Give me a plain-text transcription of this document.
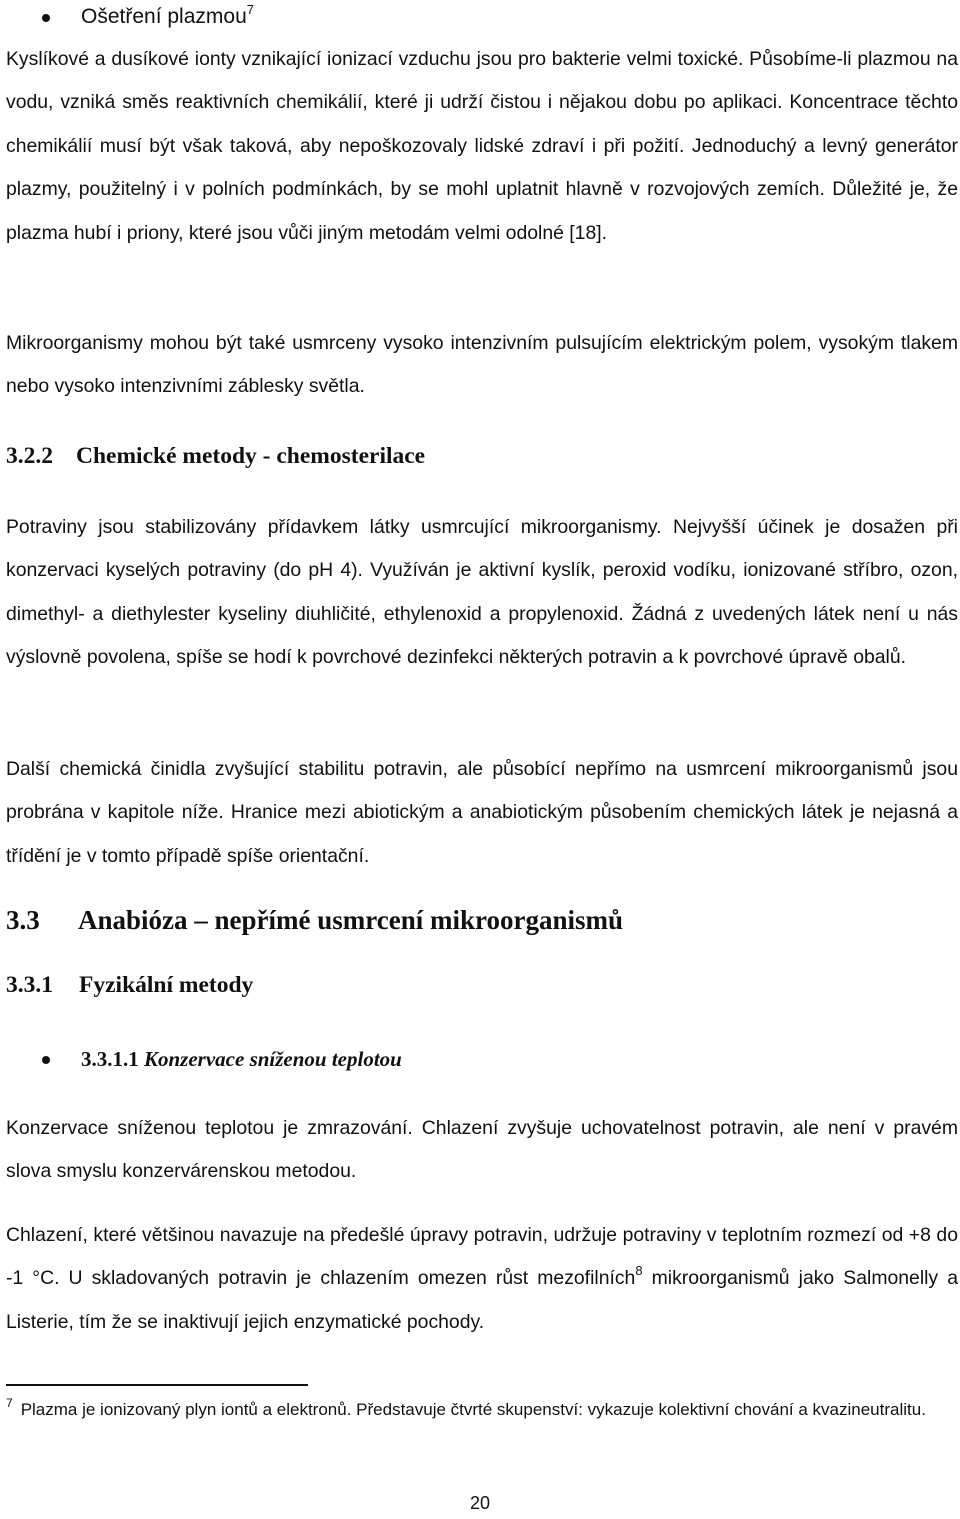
Ošetření plazmou$^7$

Kyslíkové a dusíkové ionty vznikající ionizací vzduchu jsou pro bakterie velmi toxické. Působíme-li plazmou na vodu, vzniká směs reaktivních chemikálií, které ji udrží čistou i nějakou dobu po aplikaci. Koncentrace těchto chemikálií musí být však taková, aby nepoškozovaly lidské zdraví i při požití. Jednoduchý a levný generátor plazmy, použitelný i v polních podmínkách, by se mohl uplatnit hlavně v rozvojových zemích. Důležité je, že plazma hubí i priony, které jsou vůči jiným metodám velmi odolné [18].

Mikroorganismy mohou být také usmrceny vysoko intenzivním pulsujícím elektrickým polem, vysokým tlakem nebo vysoko intenzivními záblesky světla.

3.2.2 Chemické metody - chemosterilace

Potraviny jsou stabilizovány přídavkem látky usmrcující mikroorganismy. Nejvyšší účinek je dosažen při konzervaci kyselých potraviny (do pH 4). Využíván je aktivní kyslík, peroxid vodíku, ionizované stříbro, ozon, dimethyl- a diethylester kyseliny diuhličité, ethylenoxid a propylenoxid. Žádná z uvedených látek není u nás výslovně povolena, spíše se hodí k povrchové dezinfekci některých potravin a k povrchové úpravě obalů.

Další chemická činidla zvyšující stabilitu potravin, ale působící nepřímo na usmrcení mikroorganismů jsou probrána v kapitole níže. Hranice mezi abiotickým a anabiotickým působením chemických látek je nejasná a třídění je v tomto případě spíše orientační.

3.3 Anabióza – nepřímé usmrcení mikroorganismů
3.3.1 Fyzikální metody
3.3.1.1 Konzervace sníženou teplotou

Konzervace sníženou teplotou je zmrazování. Chlazení zvyšuje uchovatelnost potravin, ale není v pravém slova smyslu konzervárenskou metodou.

Chlazení, které většinou navazuje na předešlé úpravy potravin, udržuje potraviny v teplotním rozmezí od +8 do -1 °C. U skladovaných potravin je chlazením omezen růst mezofilních$^8$ mikroorganismů jako Salmonelly a Listerie, tím že se inaktivují jejich enzymatické pochody.

$^7$ Plazma je ionizovaný plyn iontů a elektronů. Představuje čtvrté skupenství: vykazuje kolektivní chování a kvazineutralitu.

20
